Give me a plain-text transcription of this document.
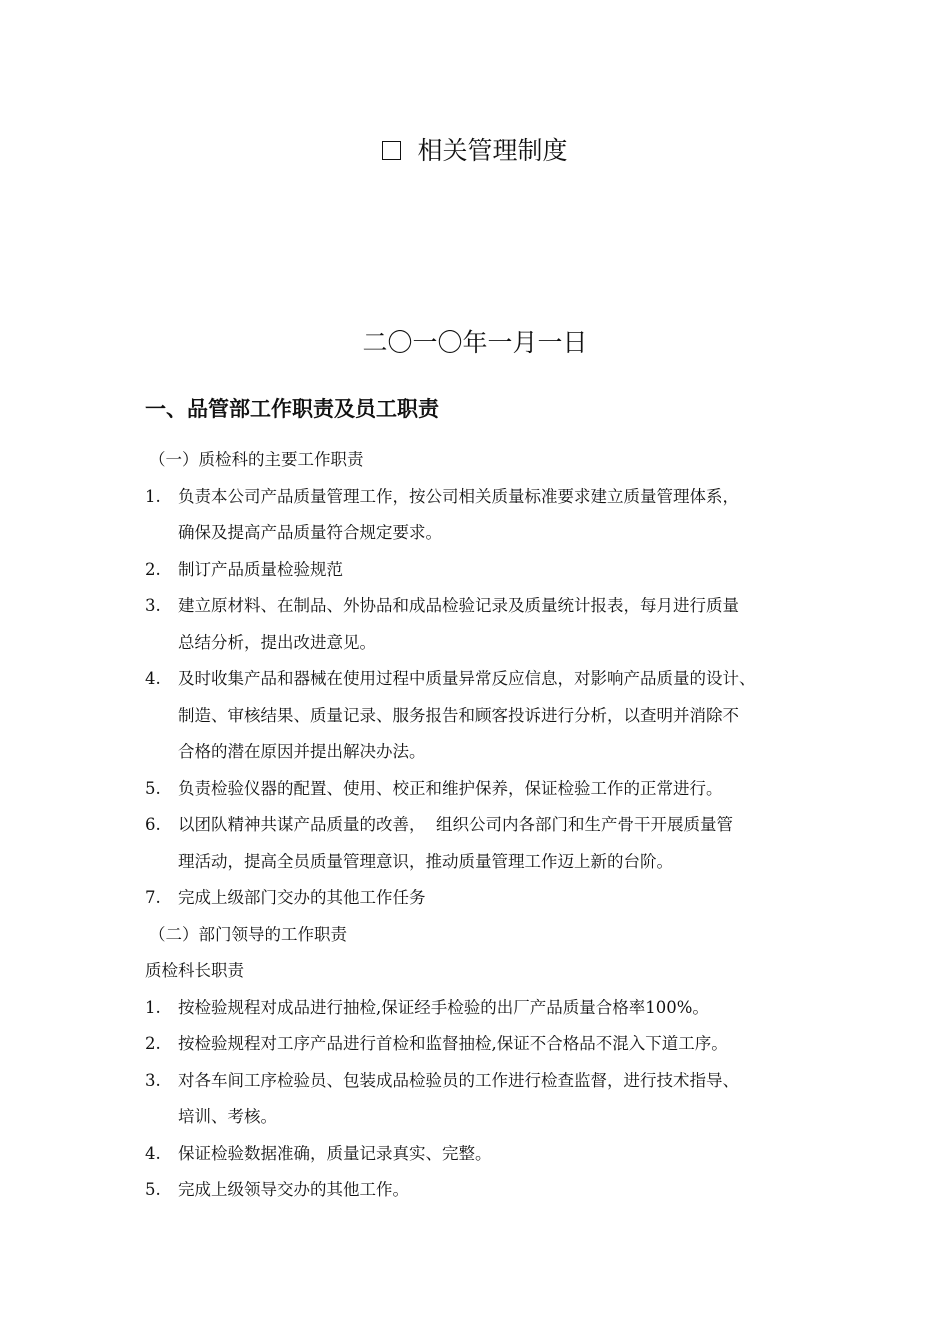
相关管理制度
二〇一〇年一月一日
一、品管部工作职责及员工职责
（一）质检科的主要工作职责
1. 负责本公司产品质量管理工作，按公司相关质量标准要求建立质量管理体系，
确保及提高产品质量符合规定要求。
2. 制订产品质量检验规范
3. 建立原材料、在制品、外协品和成品检验记录及质量统计报表，每月进行质量
总结分析，提出改进意见。
4. 及时收集产品和器械在使用过程中质量异常反应信息，对影响产品质量的设计、
制造、审核结果、质量记录、服务报告和顾客投诉进行分析，以查明并消除不
合格的潜在原因并提出解决办法。
5. 负责检验仪器的配置、使用、校正和维护保养，保证检验工作的正常进行。
6. 以团队精神共谋产品质量的改善，  组织公司内各部门和生产骨干开展质量管
理活动，提高全员质量管理意识，推动质量管理工作迈上新的台阶。
7. 完成上级部门交办的其他工作任务
（二）部门领导的工作职责
质检科长职责
1. 按检验规程对成品进行抽检,保证经手检验的出厂产品质量合格率100%。
2. 按检验规程对工序产品进行首检和监督抽检,保证不合格品不混入下道工序。
3. 对各车间工序检验员、包装成品检验员的工作进行检查监督，进行技术指导、
培训、考核。
4. 保证检验数据准确，质量记录真实、完整。
5. 完成上级领导交办的其他工作。
